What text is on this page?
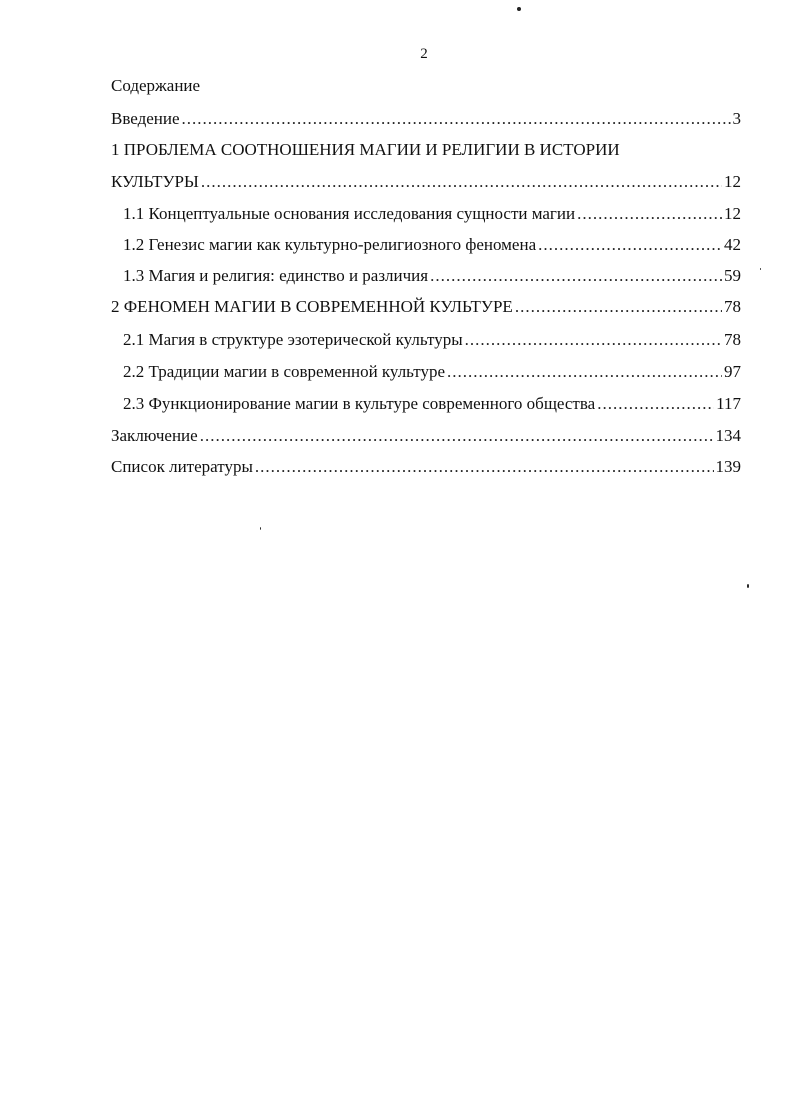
2
Содержание
Введение .....	3
1 ПРОБЛЕМА СООТНОШЕНИЯ МАГИИ И РЕЛИГИИ В ИСТОРИИ
КУЛЬТУРЫ .....	12
1.1 Концептуальные основания исследования сущности магии .....	12
1.2 Генезис магии как культурно-религиозного феномена .....	42
1.3 Магия и религия: единство и различия .....	59
2 ФЕНОМЕН МАГИИ В СОВРЕМЕННОЙ КУЛЬТУРЕ .....	78
2.1 Магия в структуре эзотерической культуры .....	78
2.2 Традиции магии в современной культуре .....	97
2.3 Функционирование магии в культуре современного общества .....	117
Заключение .....	134
Список литературы .....	139
